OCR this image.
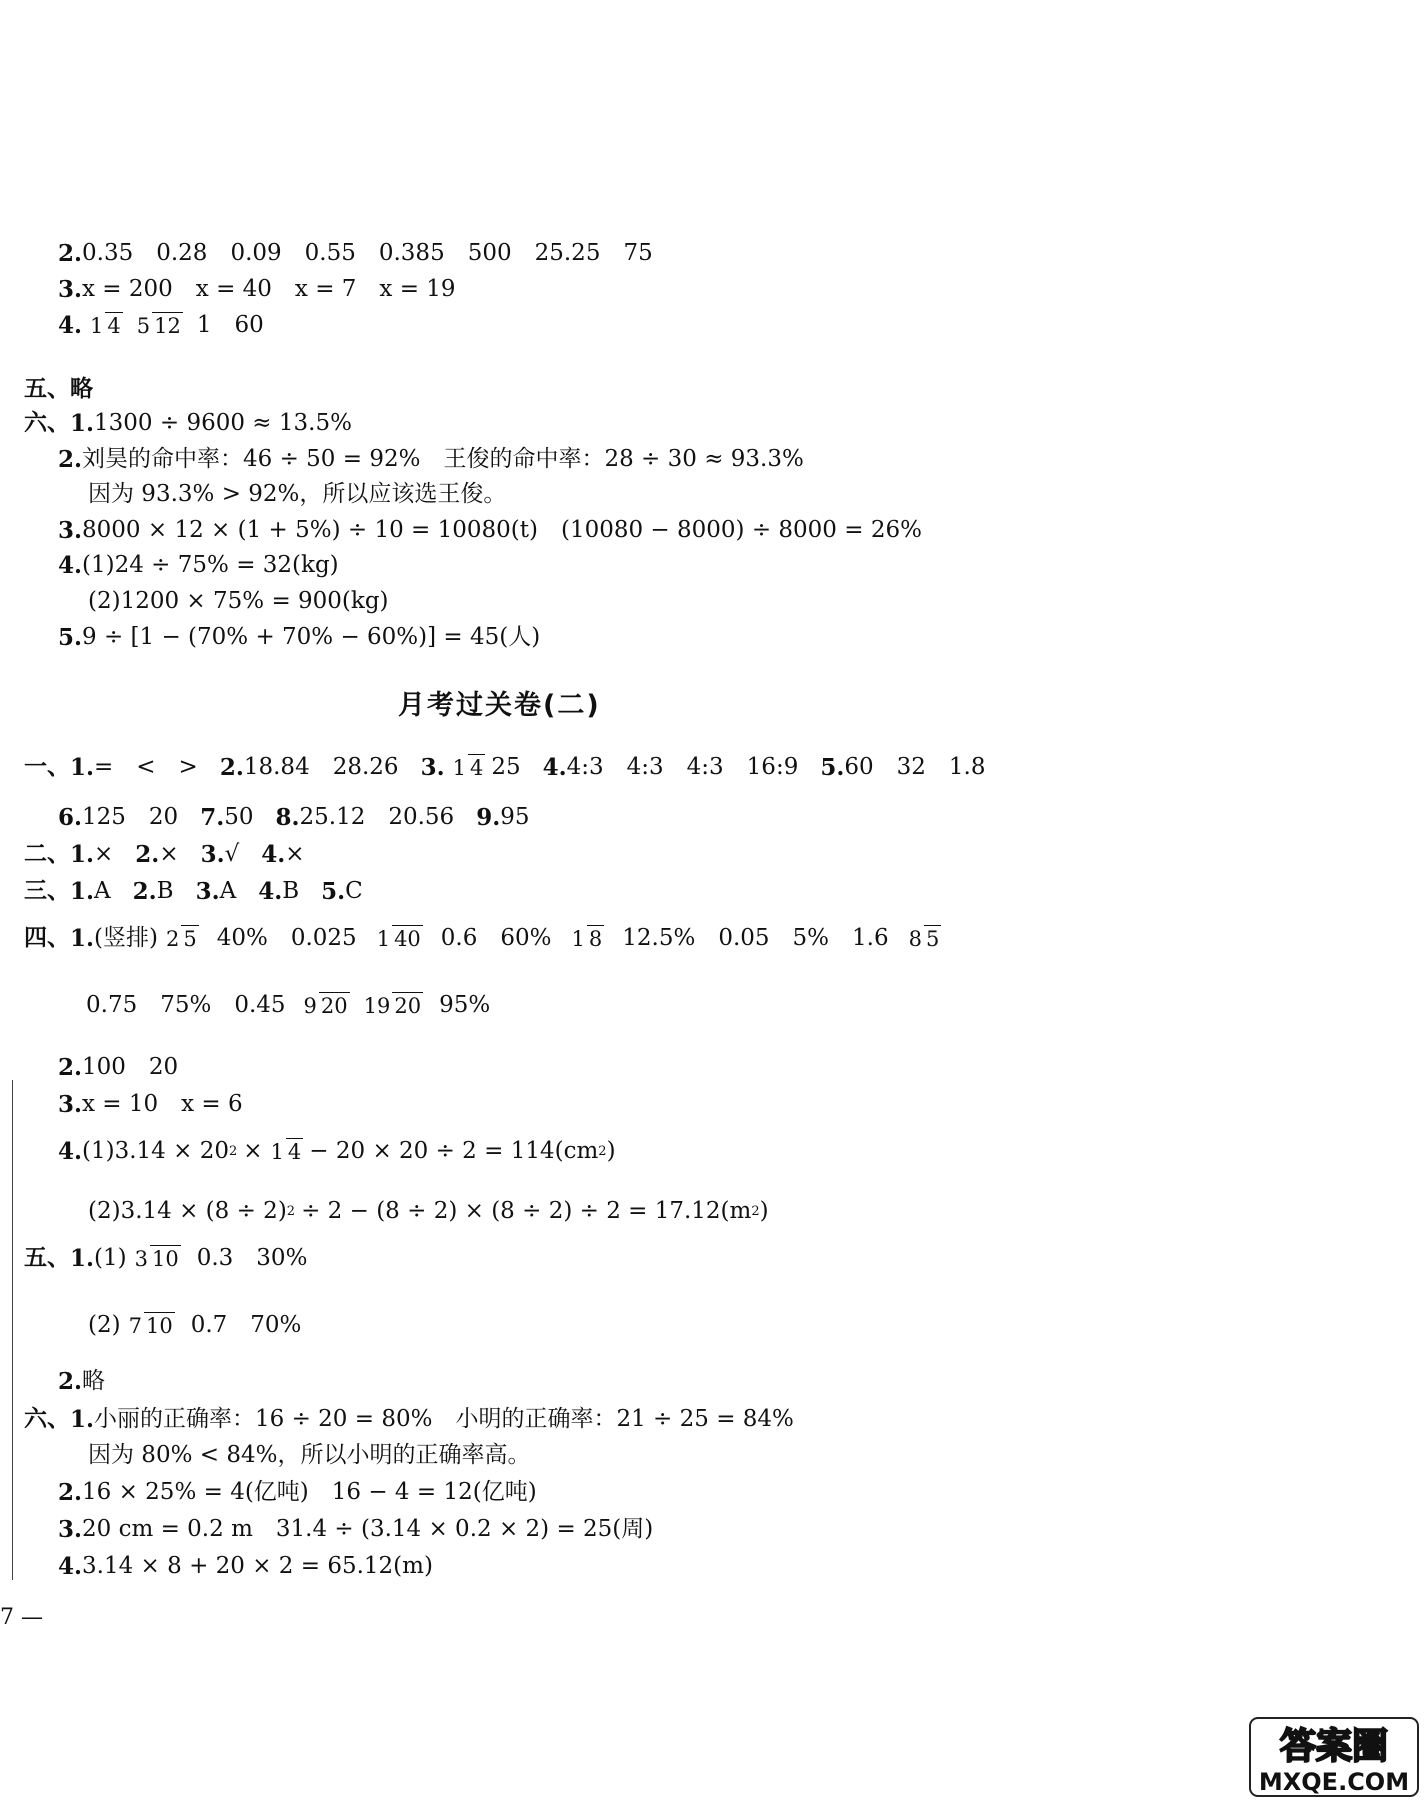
2. 0.35　0.28　0.09　0.55　0.385　500　25.25　75
3. x = 200　x = 40　x = 7　x = 19
4. 1 4 5 12 1　60
五、略
六、 1. 1300 ÷ 9600 ≈ 13.5%
2. 刘昊的命中率：46 ÷ 50 = 92%　王俊的命中率：28 ÷ 30 ≈ 93.3%
因为 93.3% > 92%，所以应该选王俊。
3. 8000 × 12 × (1 + 5%) ÷ 10 = 10080(t)　(10080 − 8000) ÷ 8000 = 26%
4. (1)24 ÷ 75% = 32(kg)
(2)1200 × 75% = 900(kg)
5. 9 ÷ [1 − (70% + 70% − 60%)] = 45(人)
月考过关卷(二)
一、 1. =　<　> 2. 18.84　28.26 3. 1 4 25 4. 4:3　4:3　4:3　16:9 5. 60　32　1.8
6. 125　20 7. 50 8. 25.12　20.56 9. 95
二、 1. × 2. × 3. √ 4. ×
三、 1. A 2. B 3. A 4. B 5. C
四、 1. (竖排) 2 5 40%　0.025 1 40 0.6　60% 1 8 12.5%　0.05　5%　1.6 8 5
0.75　75%　0.45 9 20 19 20 95%
2. 100　20
3. x = 10　x = 6
4. (1)3.14 × 20 2 × 1 4 − 20 × 20 ÷ 2 = 114(cm 2 )
(2)3.14 × (8 ÷ 2) 2 ÷ 2 − (8 ÷ 2) × (8 ÷ 2) ÷ 2 = 17.12(m 2 )
五、 1. (1) 3 10 0.3　30%
(2) 7 10 0.7　70%
2. 略
六、 1. 小丽的正确率：16 ÷ 20 = 80%　小明的正确率：21 ÷ 25 = 84%
因为 80% < 84%，所以小明的正确率高。
2. 16 × 25% = 4(亿吨)　16 − 4 = 12(亿吨)
3. 20 cm = 0.2 m　31.4 ÷ (3.14 × 0.2 × 2) = 25(周)
4. 3.14 × 8 + 20 × 2 = 65.12(m)
7 —
答案圈
MXQE.COM
